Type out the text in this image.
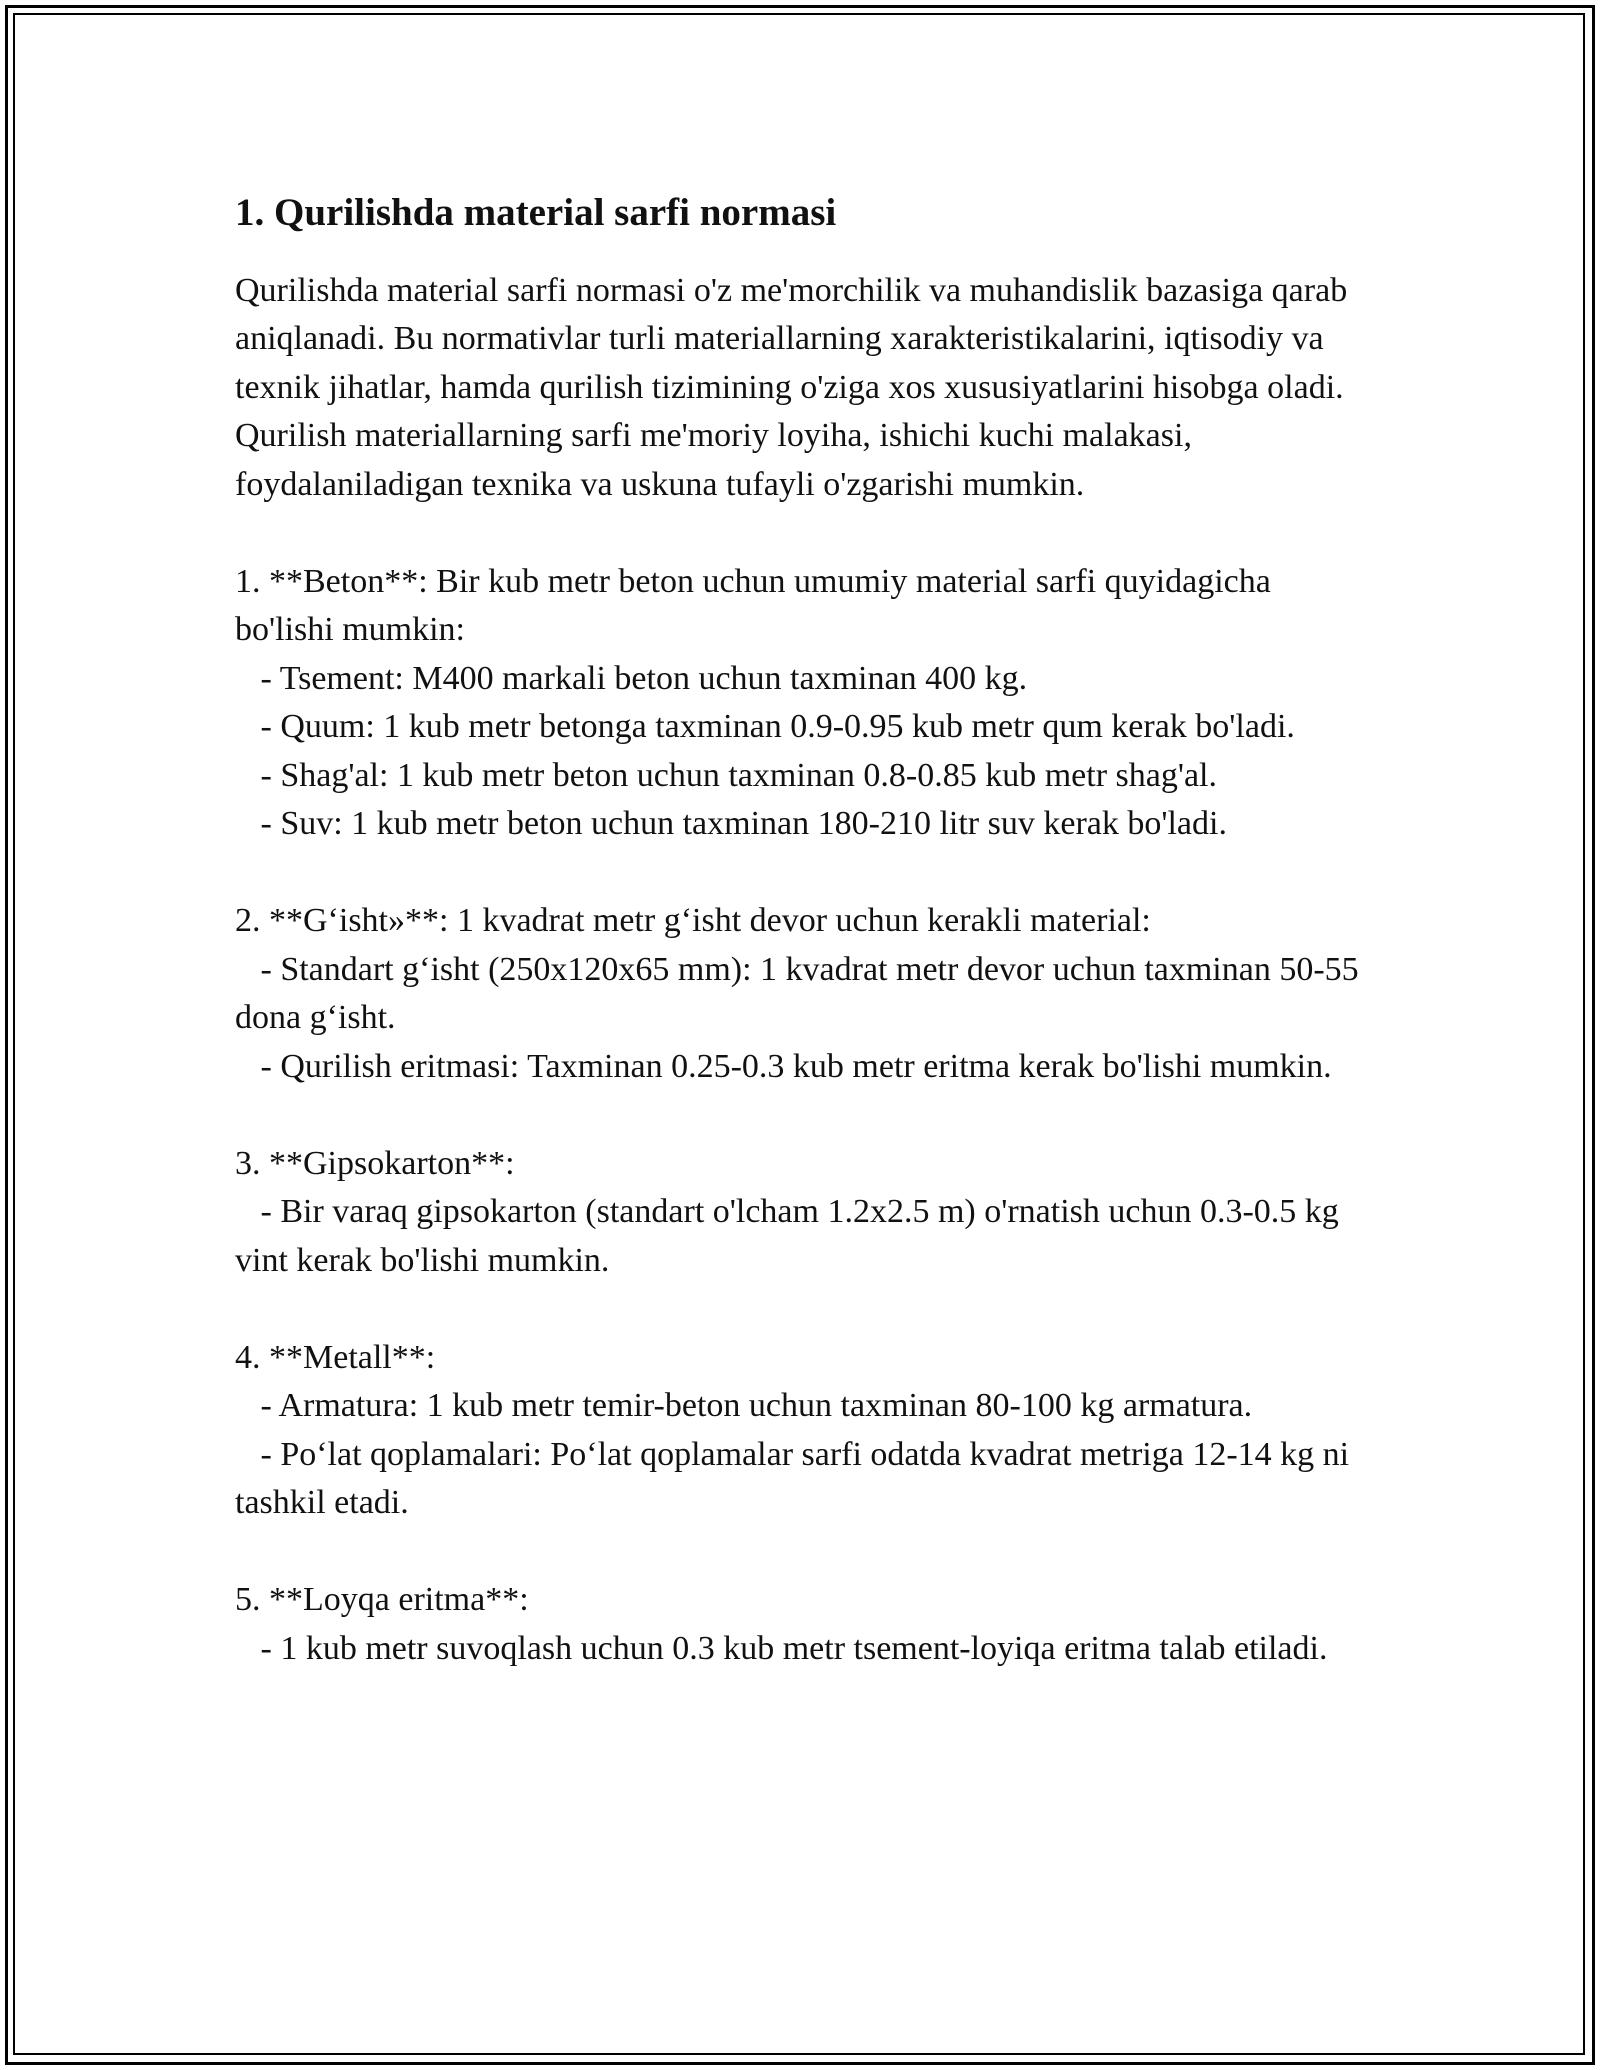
1. Qurilishda material sarfi normasi

Qurilishda material sarfi normasi o'z me'morchilik va muhandislik bazasiga qarab aniqlanadi. Bu normativlar turli materiallarning xarakteristikalarini, iqtisodiy va texnik jihatlar, hamda qurilish tizimining o'ziga xos xususiyatlarini hisobga oladi. Qurilish materiallarning sarfi me'moriy loyiha, ishichi kuchi malakasi, foydalaniladigan texnika va uskuna tufayli o'zgarishi mumkin.

1. **Beton**: Bir kub metr beton uchun umumiy material sarfi quyidagicha bo'lishi mumkin:

- Tsement: M400 markali beton uchun taxminan 400 kg.

- Quum: 1 kub metr betonga taxminan 0.9-0.95 kub metr qum kerak bo'ladi.

- Shag'al: 1 kub metr beton uchun taxminan 0.8-0.85 kub metr shag'al.

- Suv: 1 kub metr beton uchun taxminan 180-210 litr suv kerak bo'ladi.

2. **G‘isht»**: 1 kvadrat metr g‘isht devor uchun kerakli material:

- Standart g‘isht (250x120x65 mm): 1 kvadrat metr devor uchun taxminan 50-55 dona g‘isht.

- Qurilish eritmasi: Taxminan 0.25-0.3 kub metr eritma kerak bo'lishi mumkin.

3. **Gipsokarton**:

- Bir varaq gipsokarton (standart o'lcham 1.2x2.5 m) o'rnatish uchun 0.3-0.5 kg vint kerak bo'lishi mumkin.

4. **Metall**:

- Armatura: 1 kub metr temir-beton uchun taxminan 80-100 kg armatura.

- Po‘lat qoplamalari: Po‘lat qoplamalar sarfi odatda kvadrat metriga 12-14 kg ni tashkil etadi.

5. **Loyqa eritma**:

- 1 kub metr suvoqlash uchun 0.3 kub metr tsement-loyiqa eritma talab etiladi.
